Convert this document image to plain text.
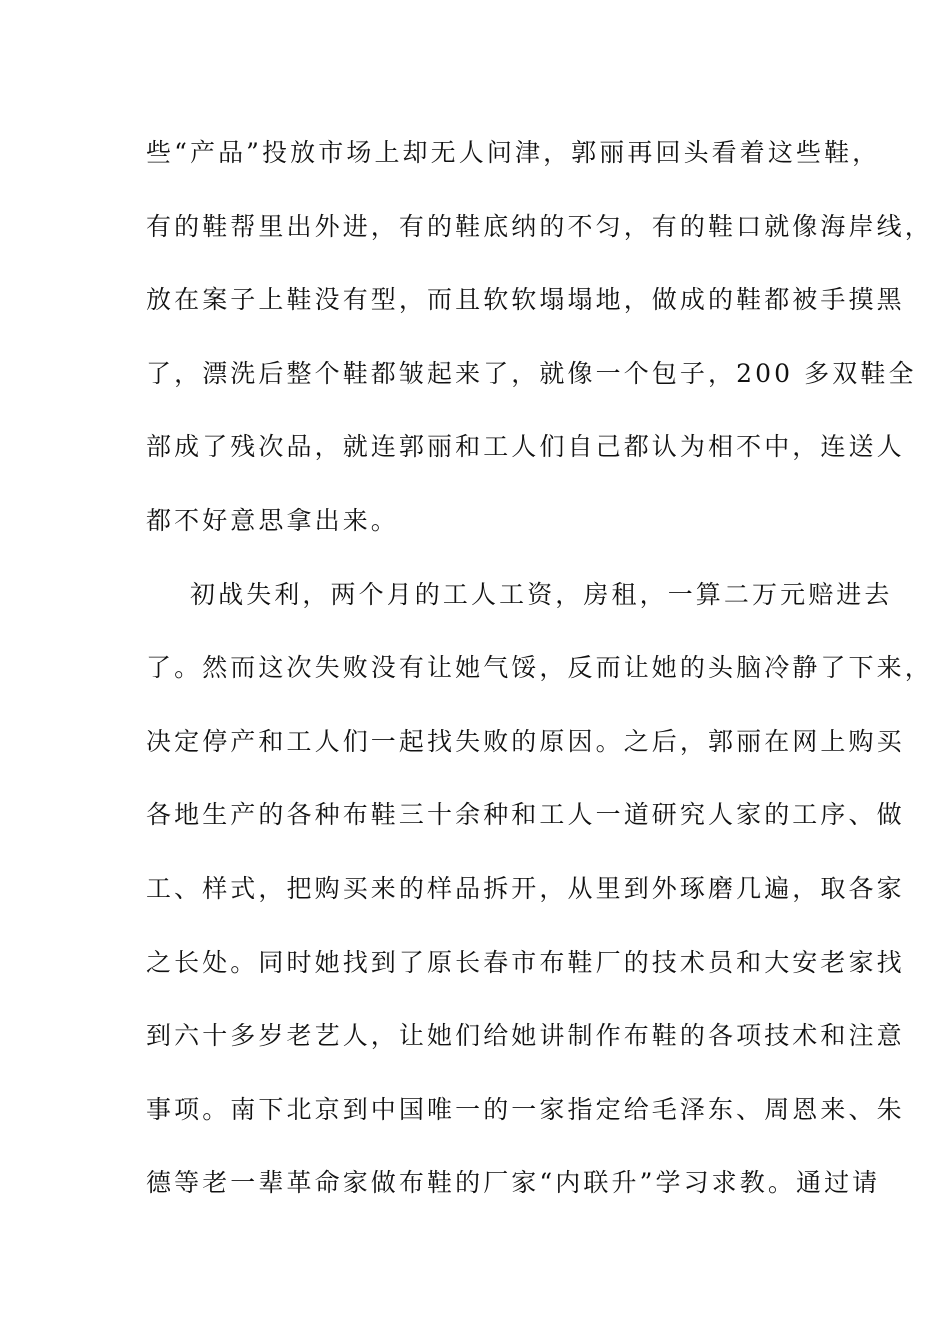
些“产品”投放市场上却无人问津，郭丽再回头看着这些鞋，
有的鞋帮里出外进，有的鞋底纳的不匀，有的鞋口就像海岸线，
放在案子上鞋没有型，而且软软塌塌地，做成的鞋都被手摸黑
了，漂洗后整个鞋都皱起来了，就像一个包子，200 多双鞋全
部成了残次品，就连郭丽和工人们自己都认为相不中，连送人
都不好意思拿出来。
初战失利，两个月的工人工资，房租，一算二万元赔进去
了。然而这次失败没有让她气馁，反而让她的头脑冷静了下来，
决定停产和工人们一起找失败的原因。之后，郭丽在网上购买
各地生产的各种布鞋三十余种和工人一道研究人家的工序、做
工、样式，把购买来的样品拆开，从里到外琢磨几遍，取各家
之长处。同时她找到了原长春市布鞋厂的技术员和大安老家找
到六十多岁老艺人，让她们给她讲制作布鞋的各项技术和注意
事项。南下北京到中国唯一的一家指定给毛泽东、周恩来、朱
德等老一辈革命家做布鞋的厂家“内联升”学习求教。通过请
